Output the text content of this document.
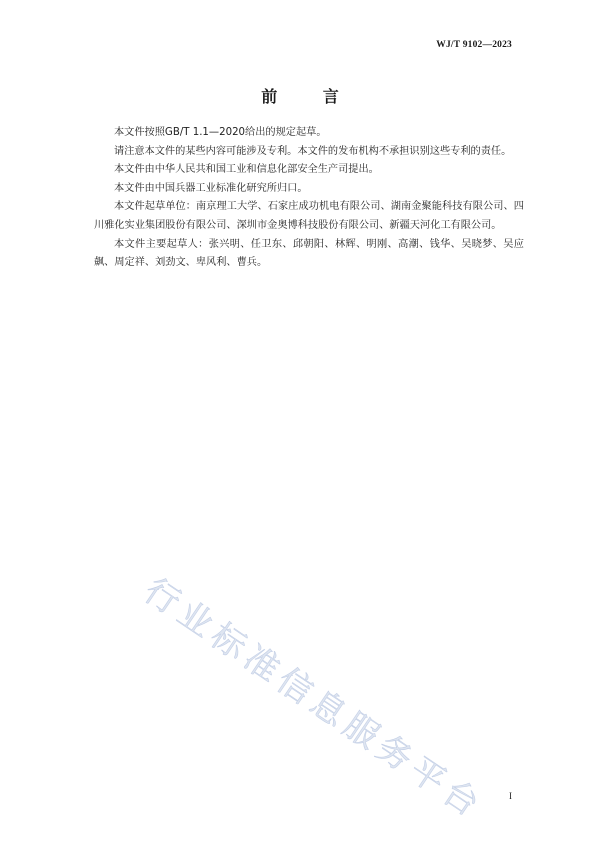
WJ/T 9102—2023
前 言

本文件按照GB/T 1.1—2020给出的规定起草。

请注意本文件的某些内容可能涉及专利。本文件的发布机构不承担识别这些专利的责任。

本文件由中华人民共和国工业和信息化部安全生产司提出。

本文件由中国兵器工业标准化研究所归口。

本文件起草单位：南京理工大学、石家庄成功机电有限公司、湖南金聚能科技有限公司、四川雅化实业集团股份有限公司、深圳市金奥博科技股份有限公司、新疆天河化工有限公司。

本文件主要起草人：张兴明、任卫东、邱朝阳、林辉、明刚、高潮、钱华、吴晓梦、吴应飙、周定祥、刘劲文、卑风利、曹兵。

行业标准信息服务平台	I
